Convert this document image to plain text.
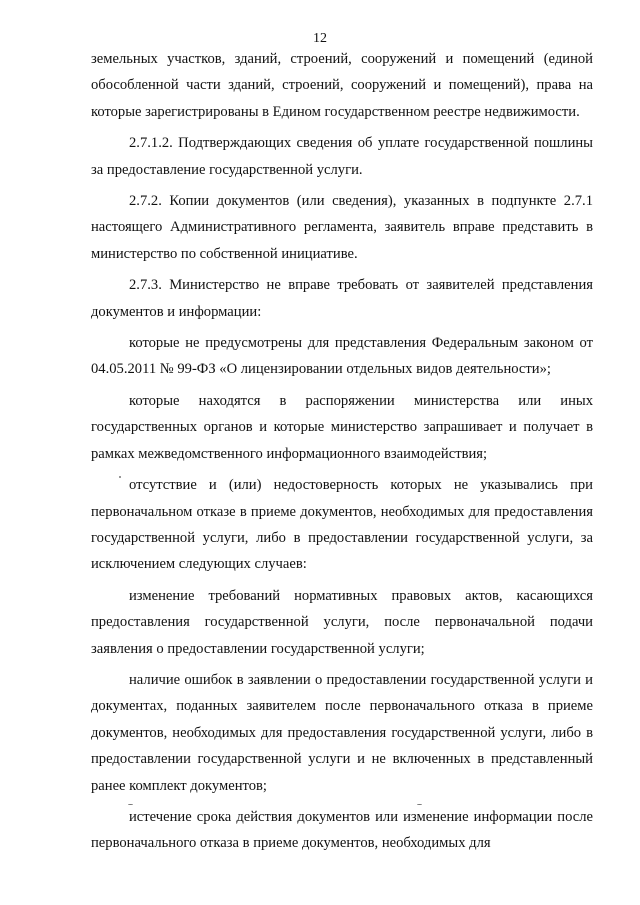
12

земельных участков, зданий, строений, сооружений и помещений (единой обособленной части зданий, строений, сооружений и помещений), права на которые зарегистрированы в Едином государственном реестре недвижимости.

2.7.1.2. Подтверждающих сведения об уплате государственной пошлины за предоставление государственной услуги.

2.7.2. Копии документов (или сведения), указанных в подпункте 2.7.1 настоящего Административного регламента, заявитель вправе представить в министерство по собственной инициативе.

2.7.3. Министерство не вправе требовать от заявителей представления документов и информации:

которые не предусмотрены для представления Федеральным законом от 04.05.2011 № 99-ФЗ «О лицензировании отдельных видов деятельности»;

которые находятся в распоряжении министерства или иных государственных органов и которые министерство запрашивает и получает в рамках межведомственного информационного взаимодействия;

отсутствие и (или) недостоверность которых не указывались при первоначальном отказе в приеме документов, необходимых для предоставления государственной услуги, либо в предоставлении государственной услуги, за исключением следующих случаев:

изменение требований нормативных правовых актов, касающихся предоставления государственной услуги, после первоначальной подачи заявления о предоставлении государственной услуги;

наличие ошибок в заявлении о предоставлении государственной услуги и документах, поданных заявителем после первоначального отказа в приеме документов, необходимых для предоставления государственной услуги, либо в предоставлении государственной услуги и не включенных в представленный ранее комплект документов;

истечение срока действия документов или изменение информации после первоначального отказа в приеме документов, необходимых для
